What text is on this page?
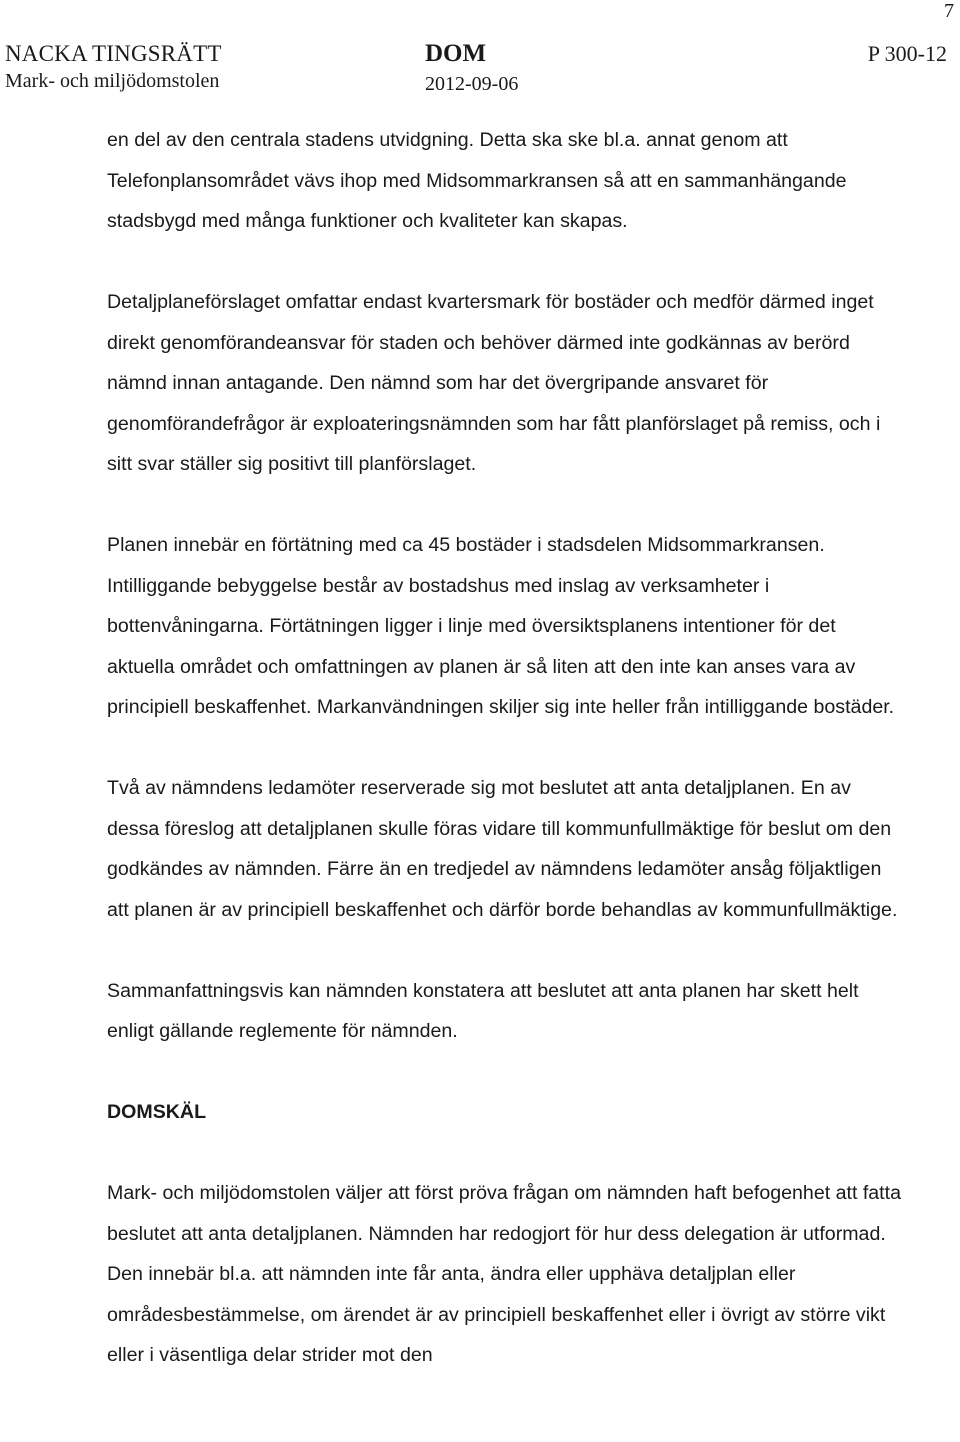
7
NACKA TINGSRÄTT
Mark- och miljödomstolen
DOM
2012-09-06
P 300-12

en del av den centrala stadens utvidgning. Detta ska ske bl.a. annat genom att Telefonplansområdet vävs ihop med Midsommarkransen så att en sammanhängande stadsbygd med många funktioner och kvaliteter kan skapas.

Detaljplaneförslaget omfattar endast kvartersmark för bostäder och medför därmed inget direkt genomförandeansvar för staden och behöver därmed inte godkännas av berörd nämnd innan antagande. Den nämnd som har det övergripande ansvaret för genomförandefrågor är exploateringsnämnden som har fått planförslaget på remiss, och i sitt svar ställer sig positivt till planförslaget.

Planen innebär en förtätning med ca 45 bostäder i stadsdelen Midsommarkransen. Intilliggande bebyggelse består av bostadshus med inslag av verksamheter i bottenvåningarna. Förtätningen ligger i linje med översiktsplanens intentioner för det aktuella området och omfattningen av planen är så liten att den inte kan anses vara av principiell beskaffenhet. Markanvändningen skiljer sig inte heller från intilliggande bostäder.

Två av nämndens ledamöter reserverade sig mot beslutet att anta detaljplanen. En av dessa föreslog att detaljplanen skulle föras vidare till kommunfullmäktige för beslut om den godkändes av nämnden. Färre än en tredjedel av nämndens ledamöter ansåg följaktligen att planen är av principiell beskaffenhet och därför borde behandlas av kommunfullmäktige.

Sammanfattningsvis kan nämnden konstatera att beslutet att anta planen har skett helt enligt gällande reglemente för nämnden.

DOMSKÄL

Mark- och miljödomstolen väljer att först pröva frågan om nämnden haft befogenhet att fatta beslutet att anta detaljplanen. Nämnden har redogjort för hur dess delegation är utformad. Den innebär bl.a. att nämnden inte får anta, ändra eller upphäva detaljplan eller områdesbestämmelse, om ärendet är av principiell beskaffenhet eller i övrigt av större vikt eller i väsentliga delar strider mot den
